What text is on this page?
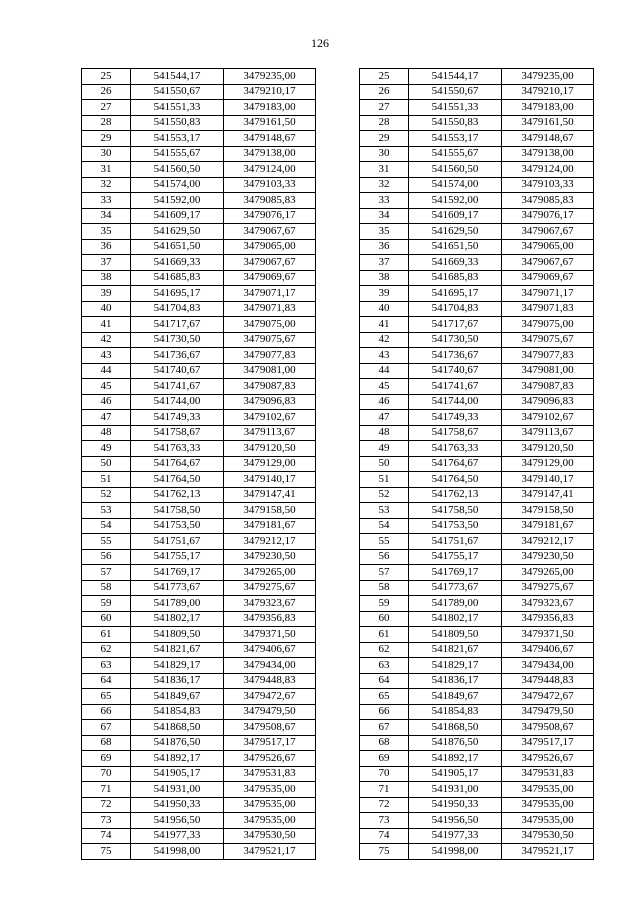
126
25	541544,17	3479235,00		25	541544,17	3479235,00
26	541550,67	3479210,17		26	541550,67	3479210,17
27	541551,33	3479183,00		27	541551,33	3479183,00
28	541550,83	3479161,50		28	541550,83	3479161,50
29	541553,17	3479148,67		29	541553,17	3479148,67
30	541555,67	3479138,00		30	541555,67	3479138,00
31	541560,50	3479124,00		31	541560,50	3479124,00
32	541574,00	3479103,33		32	541574,00	3479103,33
33	541592,00	3479085,83		33	541592,00	3479085,83
34	541609,17	3479076,17		34	541609,17	3479076,17
35	541629,50	3479067,67		35	541629,50	3479067,67
36	541651,50	3479065,00		36	541651,50	3479065,00
37	541669,33	3479067,67		37	541669,33	3479067,67
38	541685,83	3479069,67		38	541685,83	3479069,67
39	541695,17	3479071,17		39	541695,17	3479071,17
40	541704,83	3479071,83		40	541704,83	3479071,83
41	541717,67	3479075,00		41	541717,67	3479075,00
42	541730,50	3479075,67		42	541730,50	3479075,67
43	541736,67	3479077,83		43	541736,67	3479077,83
44	541740,67	3479081,00		44	541740,67	3479081,00
45	541741,67	3479087,83		45	541741,67	3479087,83
46	541744,00	3479096,83		46	541744,00	3479096,83
47	541749,33	3479102,67		47	541749,33	3479102,67
48	541758,67	3479113,67		48	541758,67	3479113,67
49	541763,33	3479120,50		49	541763,33	3479120,50
50	541764,67	3479129,00		50	541764,67	3479129,00
51	541764,50	3479140,17		51	541764,50	3479140,17
52	541762,13	3479147,41		52	541762,13	3479147,41
53	541758,50	3479158,50		53	541758,50	3479158,50
54	541753,50	3479181,67		54	541753,50	3479181,67
55	541751,67	3479212,17		55	541751,67	3479212,17
56	541755,17	3479230,50		56	541755,17	3479230,50
57	541769,17	3479265,00		57	541769,17	3479265,00
58	541773,67	3479275,67		58	541773,67	3479275,67
59	541789,00	3479323,67		59	541789,00	3479323,67
60	541802,17	3479356,83		60	541802,17	3479356,83
61	541809,50	3479371,50		61	541809,50	3479371,50
62	541821,67	3479406,67		62	541821,67	3479406,67
63	541829,17	3479434,00		63	541829,17	3479434,00
64	541836,17	3479448,83		64	541836,17	3479448,83
65	541849,67	3479472,67		65	541849,67	3479472,67
66	541854,83	3479479,50		66	541854,83	3479479,50
67	541868,50	3479508,67		67	541868,50	3479508,67
68	541876,50	3479517,17		68	541876,50	3479517,17
69	541892,17	3479526,67		69	541892,17	3479526,67
70	541905,17	3479531,83		70	541905,17	3479531,83
71	541931,00	3479535,00		71	541931,00	3479535,00
72	541950,33	3479535,00		72	541950,33	3479535,00
73	541956,50	3479535,00		73	541956,50	3479535,00
74	541977,33	3479530,50		74	541977,33	3479530,50
75	541998,00	3479521,17		75	541998,00	3479521,17
